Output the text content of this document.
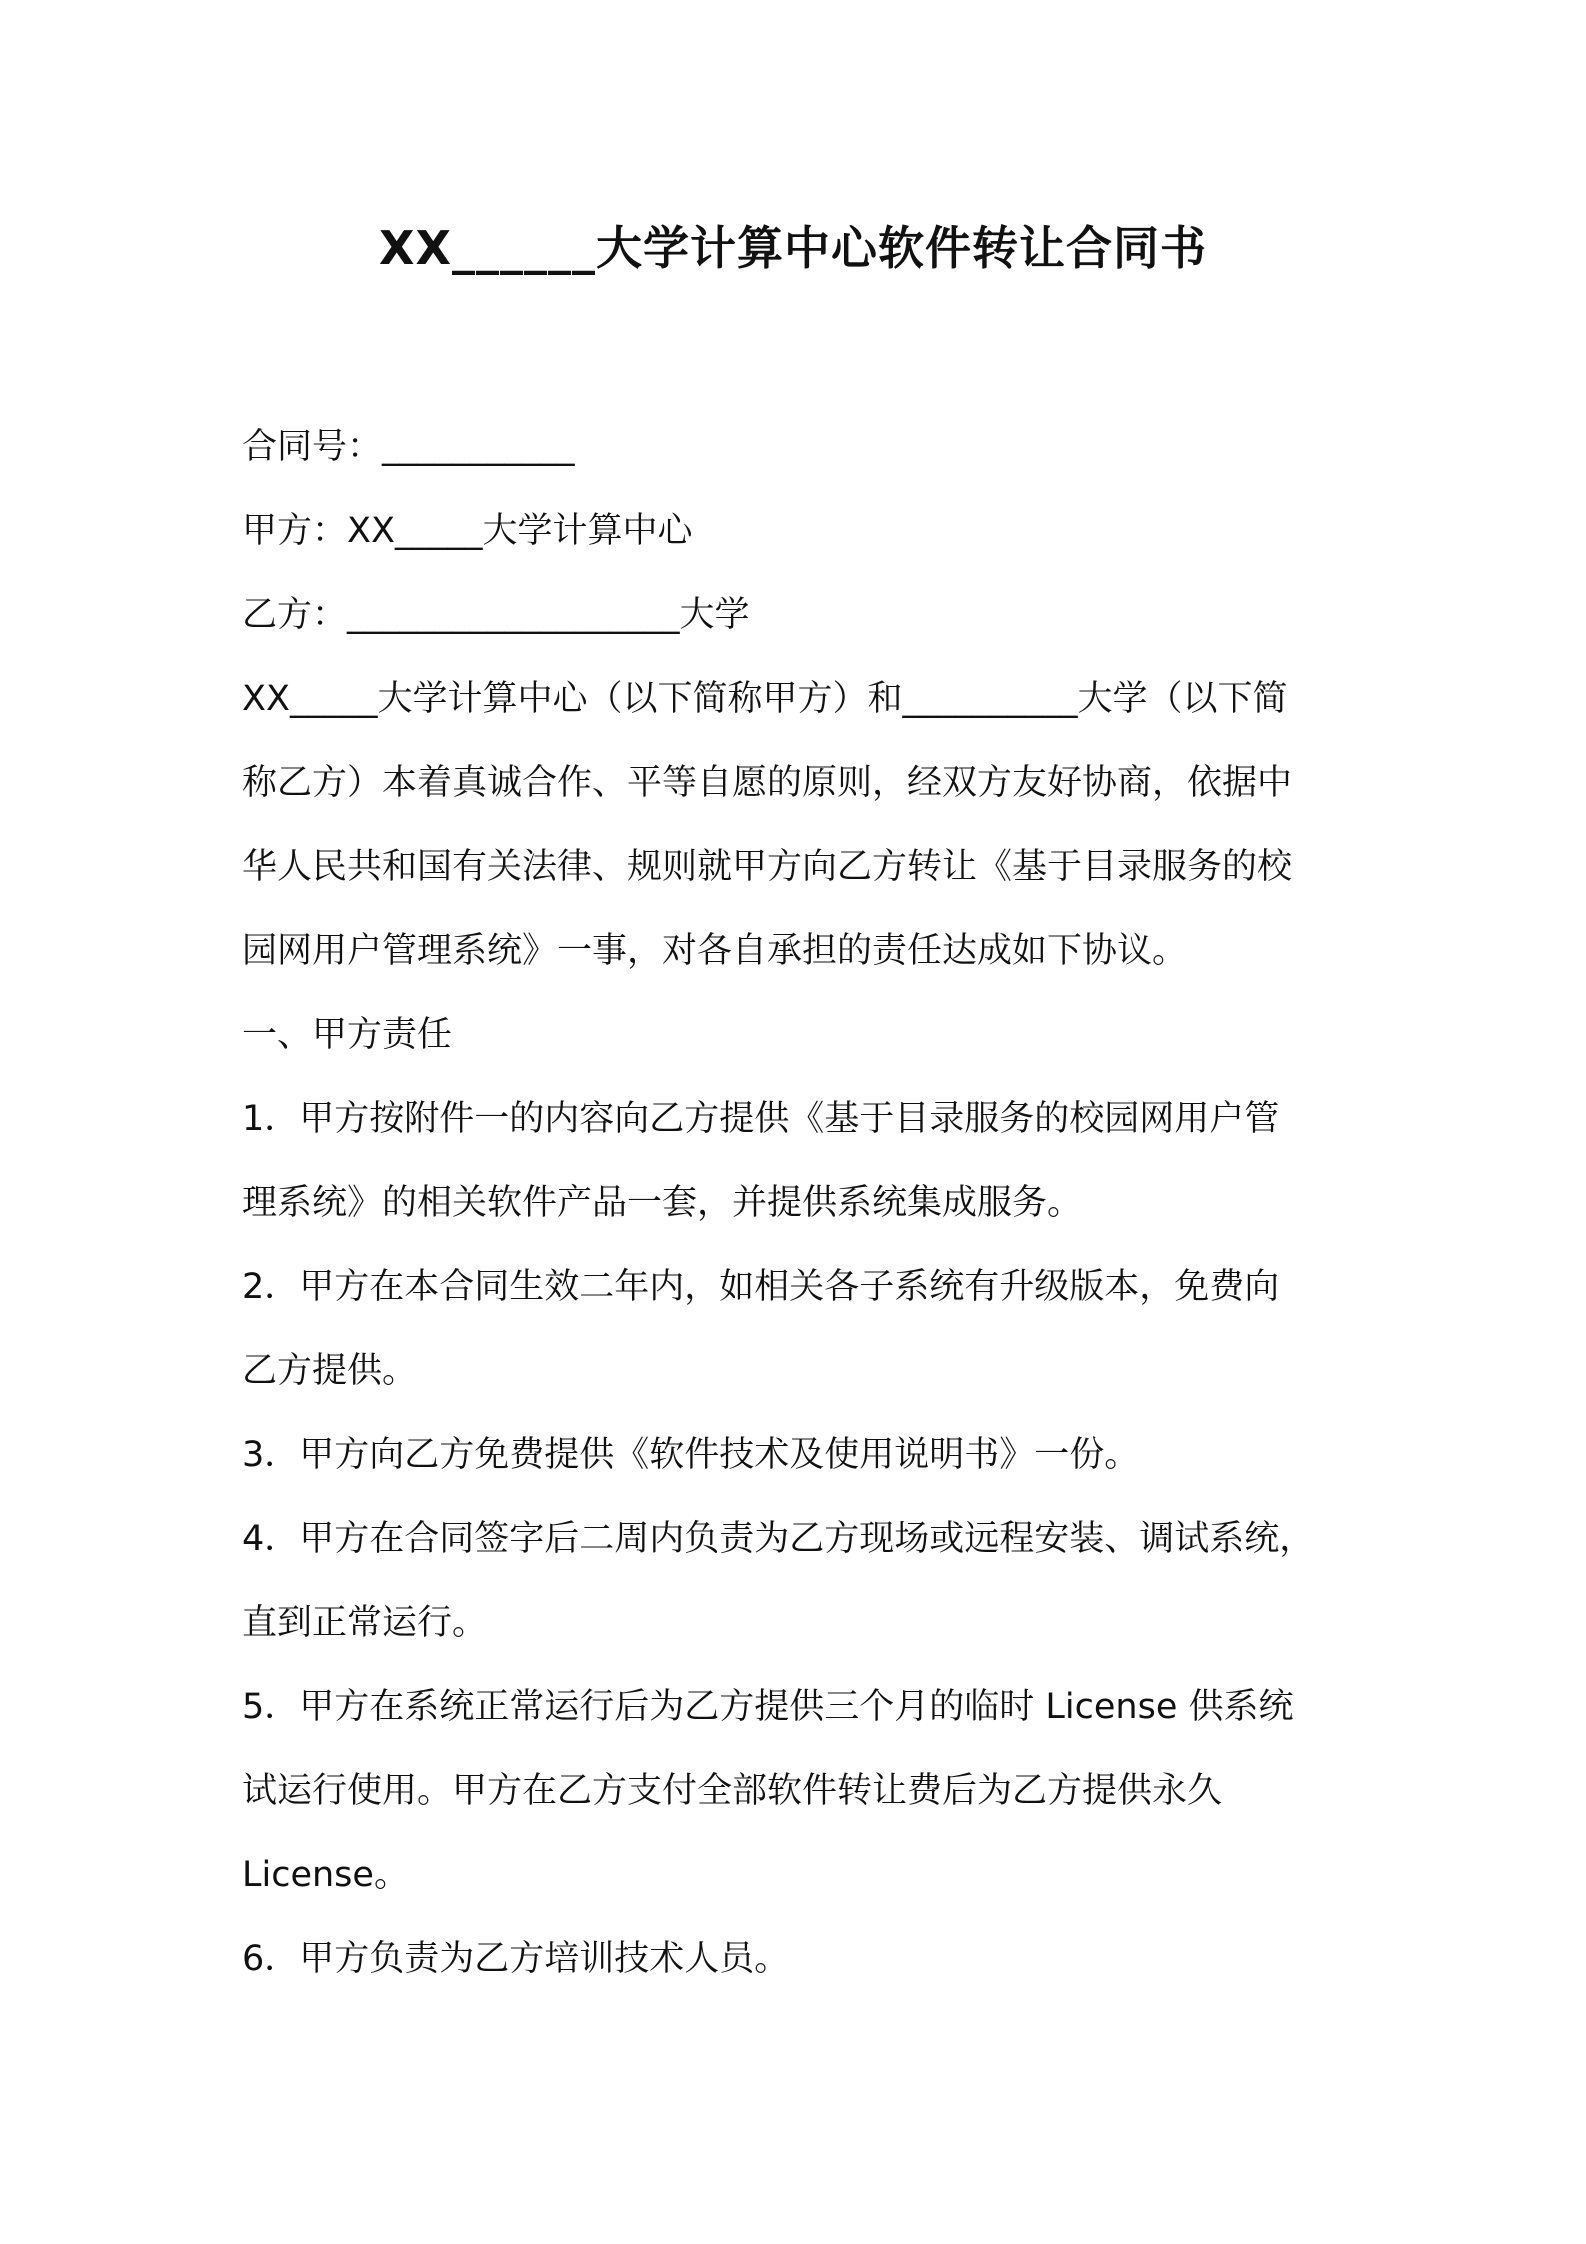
XX______大学计算中心软件转让合同书
合同号：___________
甲方：XX_____大学计算中心
乙方：___________________大学
XX_____大学计算中心（以下简称甲方）和__________大学（以下简
称乙方）本着真诚合作、平等自愿的原则，经双方友好协商，依据中
华人民共和国有关法律、规则就甲方向乙方转让《基于目录服务的校
园网用户管理系统》一事，对各自承担的责任达成如下协议。
一、甲方责任
1．甲方按附件一的内容向乙方提供《基于目录服务的校园网用户管
理系统》的相关软件产品一套，并提供系统集成服务。
2．甲方在本合同生效二年内，如相关各子系统有升级版本，免费向
乙方提供。
3．甲方向乙方免费提供《软件技术及使用说明书》一份。
4．甲方在合同签字后二周内负责为乙方现场或远程安装、调试系统，
直到正常运行。
5．甲方在系统正常运行后为乙方提供三个月的临时 License 供系统
试运行使用。甲方在乙方支付全部软件转让费后为乙方提供永久
License。
6．甲方负责为乙方培训技术人员。
